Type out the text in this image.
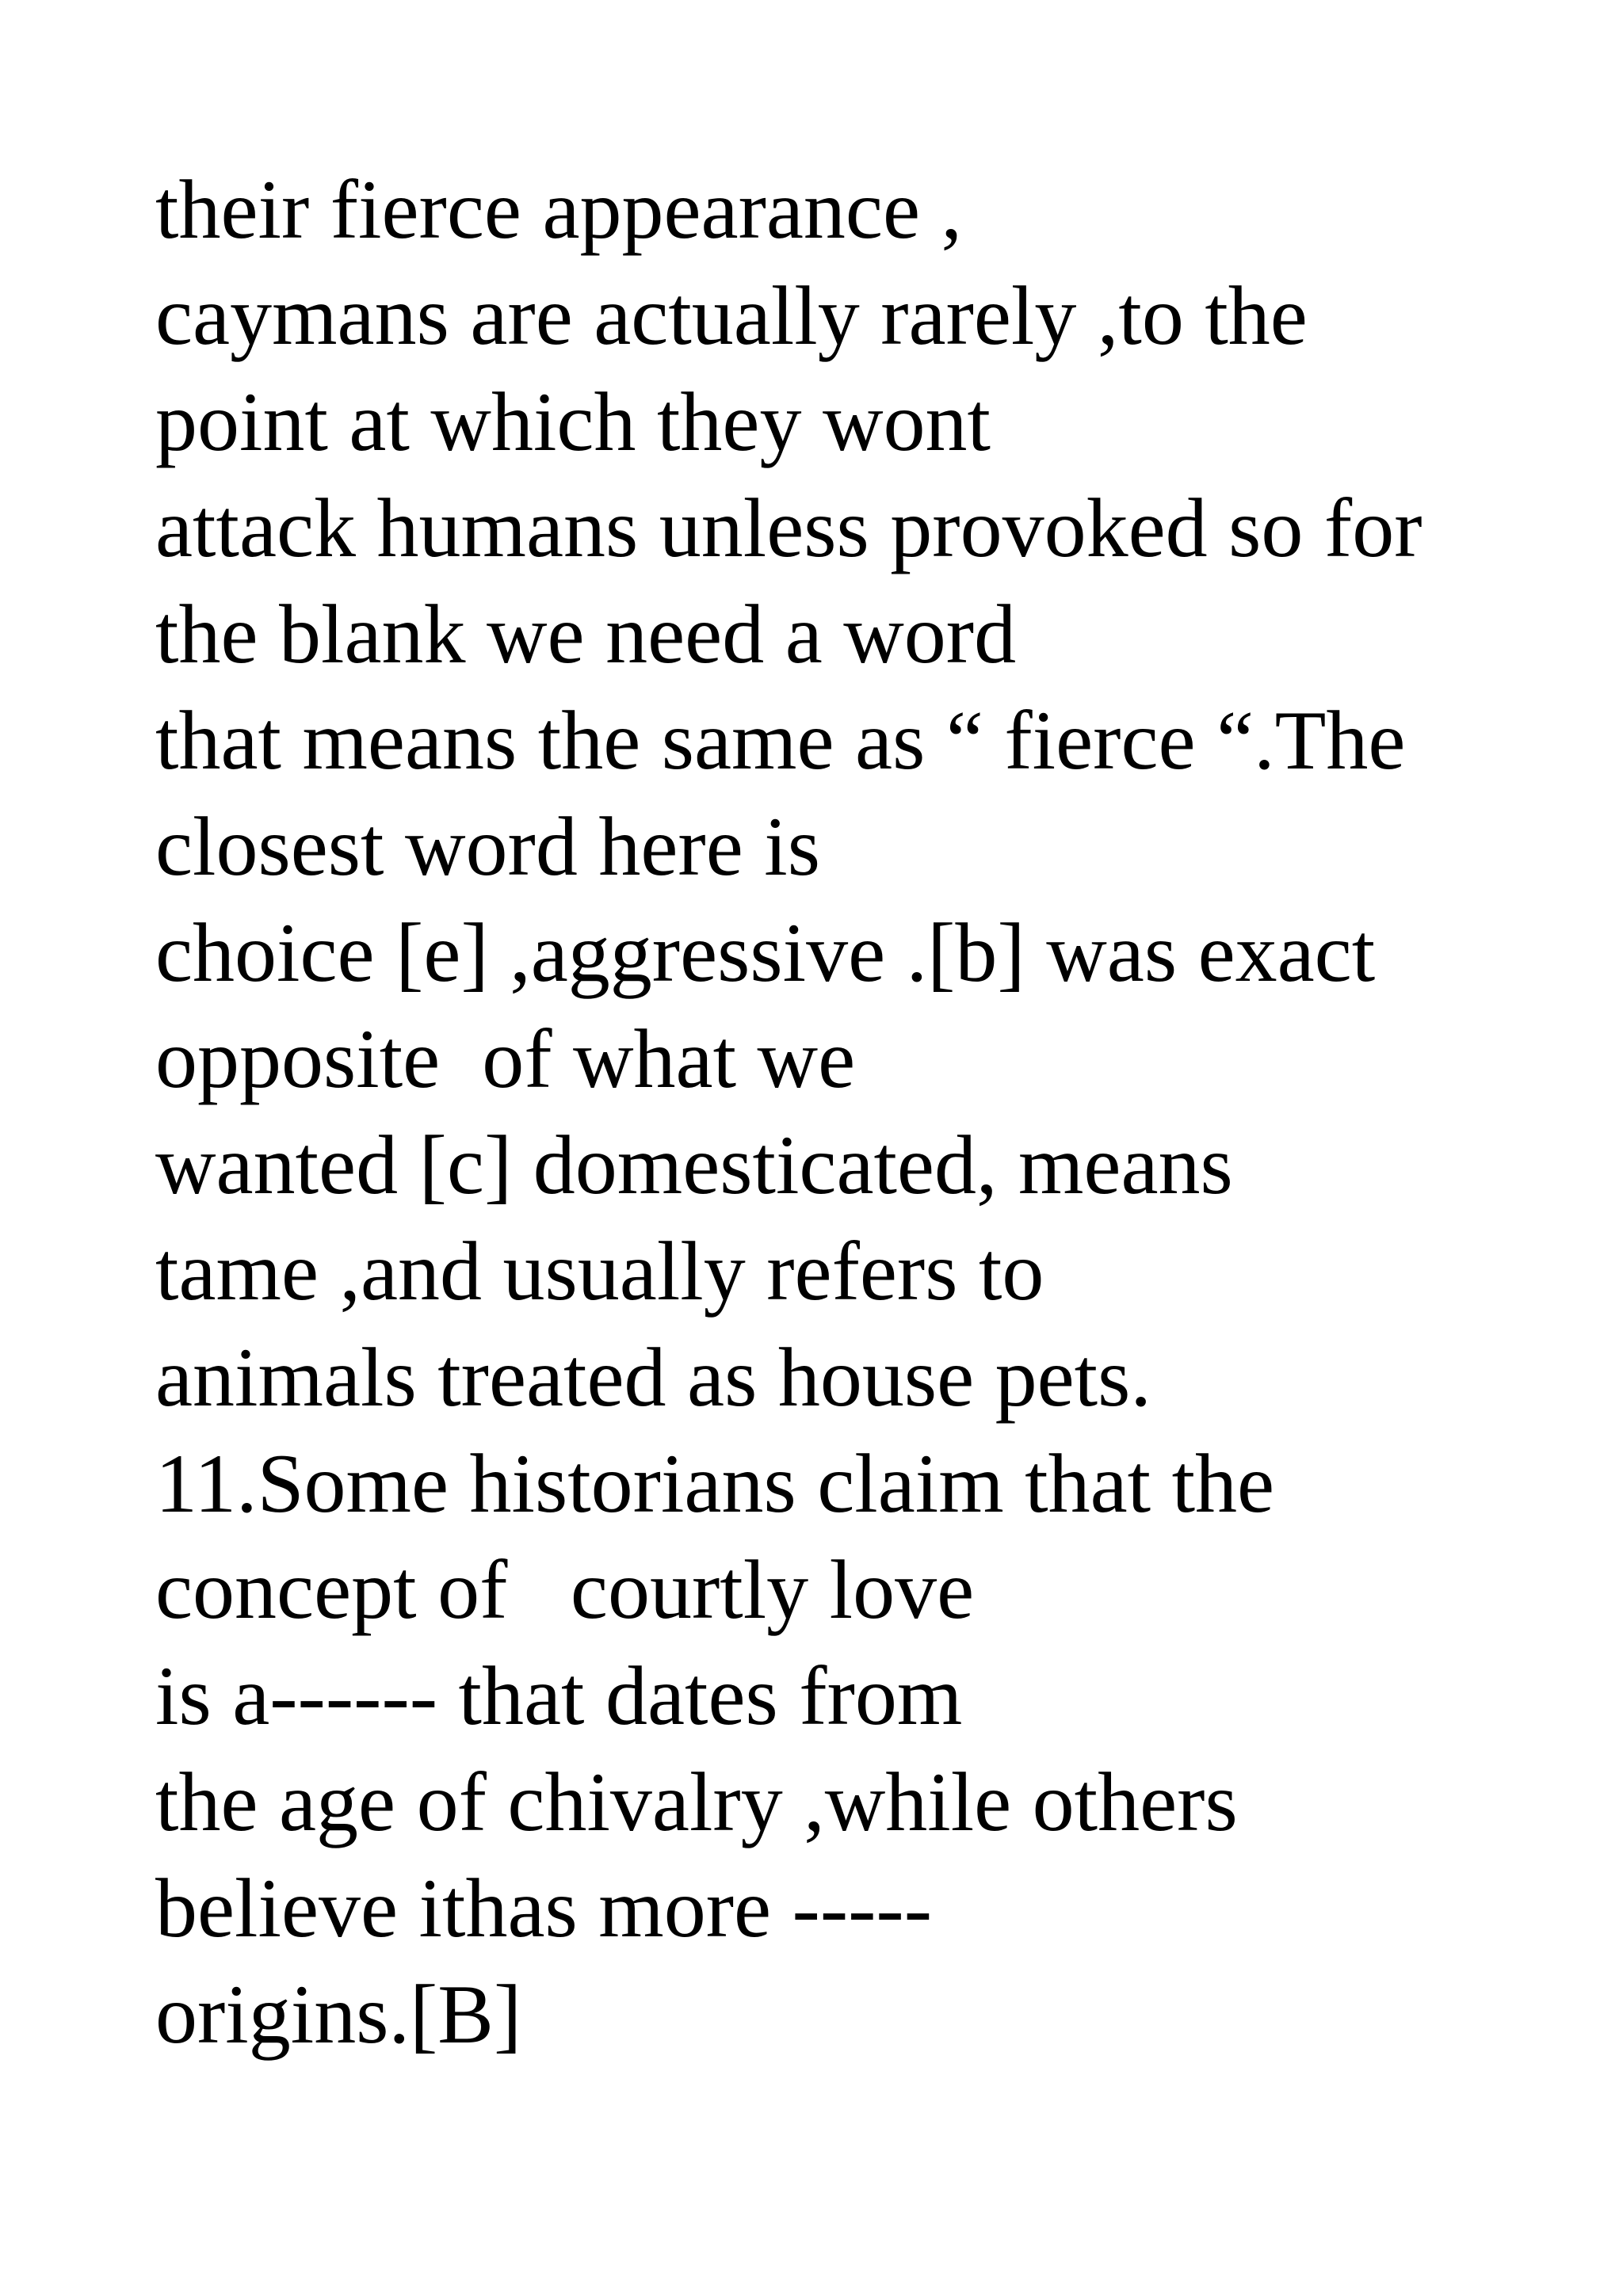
their fierce appearance ,
caymans are actually rarely ,to the
point at which they wont
attack humans unless provoked so for
the blank we need a word
that means the same as “ fierce “.The
closest word here is
choice [e] ,aggressive .[b] was exact
opposite  of what we
wanted [c] domesticated, means
tame ,and usually refers to
animals treated as house pets.
11.Some historians claim that the
concept of   courtly love
is a------ that dates from
the age of chivalry ,while others
believe ithas more -----
origins.[B]
